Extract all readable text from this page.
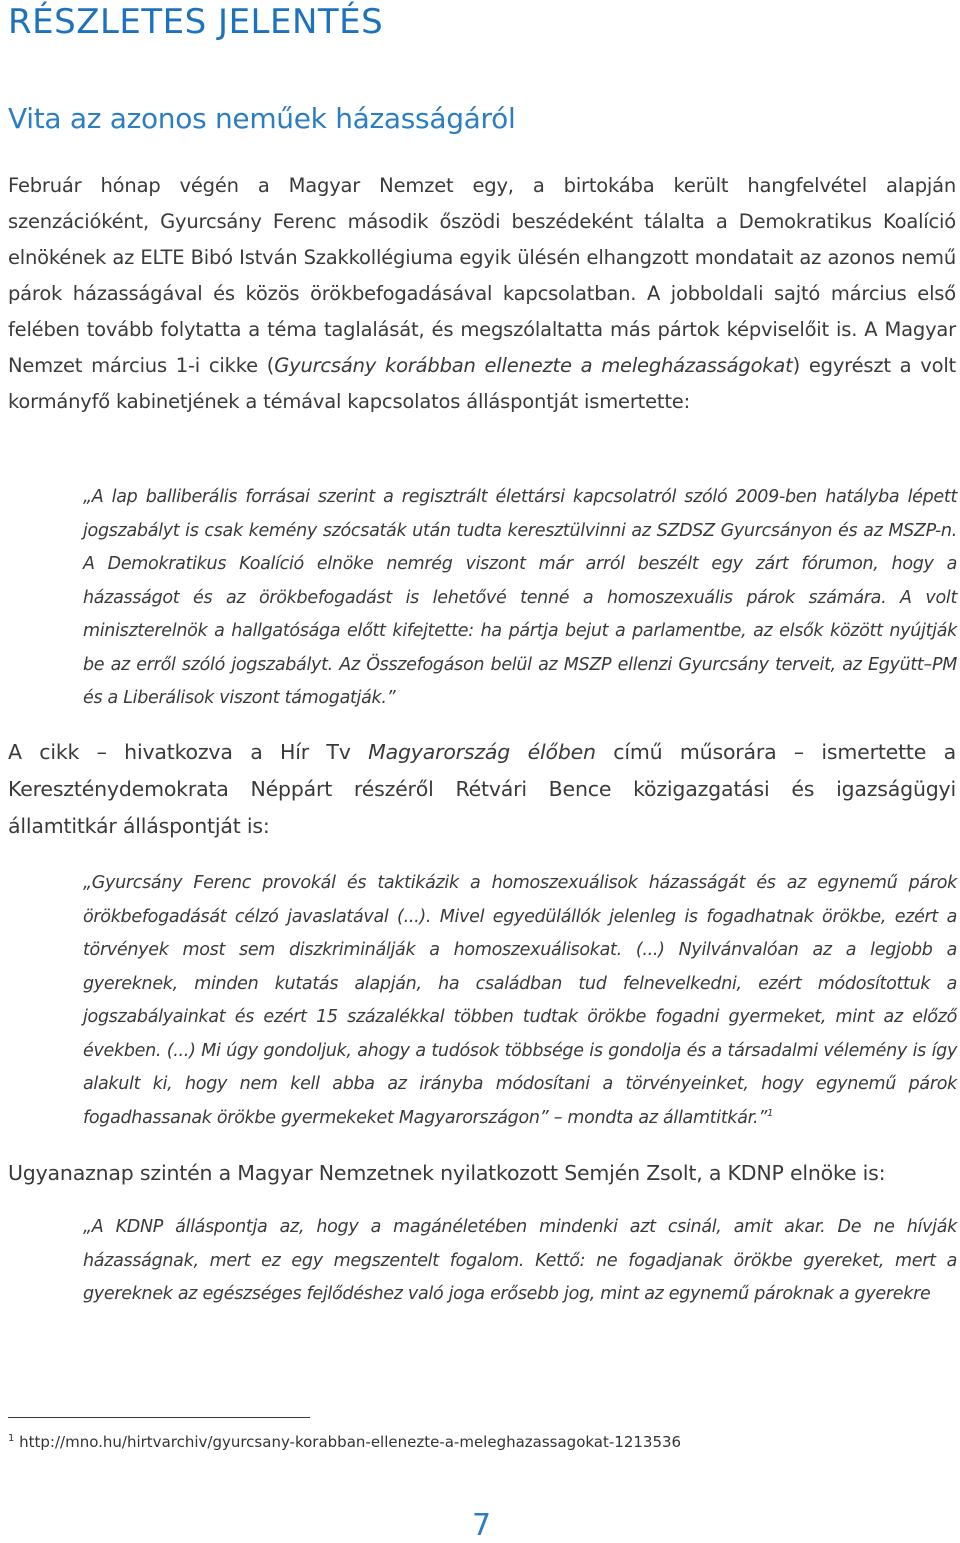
RÉSZLETES JELENTÉS
Vita az azonos neműek házasságáról
Február hónap végén a Magyar Nemzet egy, a birtokába került hangfelvétel alapján szenzációként, Gyurcsány Ferenc második őszödi beszédeként tálalta a Demokratikus Koalíció elnökének az ELTE Bibó István Szakkollégiuma egyik ülésén elhangzott mondatait az azonos nemű párok házasságával és közös örökbefogadásával kapcsolatban. A jobboldali sajtó március első felében tovább folytatta a téma taglalását, és megszólaltatta más pártok képviselőit is. A Magyar Nemzet március 1-i cikke (Gyurcsány korábban ellenezte a melegházasságokat) egyrészt a volt kormányfő kabinetjének a témával kapcsolatos álláspontját ismertette:
„A lap balliberális forrásai szerint a regisztrált élettársi kapcsolatról szóló 2009-ben hatályba lépett jogszabályt is csak kemény szócsaták után tudta keresztülvinni az SZDSZ Gyurcsányon és az MSZP-n. A Demokratikus Koalíció elnöke nemrég viszont már arról beszélt egy zárt fórumon, hogy a házasságot és az örökbefogadást is lehetővé tenné a homoszexuális párok számára. A volt miniszterelnök a hallgatósága előtt kifejtette: ha pártja bejut a parlamentbe, az elsők között nyújtják be az erről szóló jogszabályt. Az Összefogáson belül az MSZP ellenzi Gyurcsány terveit, az Együtt–PM és a Liberálisok viszont támogatják.”
A cikk – hivatkozva a Hír Tv Magyarország élőben című műsorára – ismertette a Kereszténydemokrata Néppárt részéről Rétvári Bence közigazgatási és igazságügyi államtitkár álláspontját is:
„Gyurcsány Ferenc provokál és taktikázik a homoszexuálisok házasságát és az egynemű párok örökbefogadását célzó javaslatával (...). Mivel egyedülállók jelenleg is fogadhatnak örökbe, ezért a törvények most sem diszkriminálják a homoszexuálisokat. (...) Nyilvánvalóan az a legjobb a gyereknek, minden kutatás alapján, ha családban tud felnevelkedni, ezért módosítottuk a jogszabályainkat és ezért 15 százalékkal többen tudtak örökbe fogadni gyermeket, mint az előző években. (...) Mi úgy gondoljuk, ahogy a tudósok többsége is gondolja és a társadalmi vélemény is így alakult ki, hogy nem kell abba az irányba módosítani a törvényeinket, hogy egynemű párok fogadhassanak örökbe gyermekeket Magyarországon” – mondta az államtitkár.”$^1$
Ugyanaznap szintén a Magyar Nemzetnek nyilatkozott Semjén Zsolt, a KDNP elnöke is:
„A KDNP álláspontja az, hogy a magánéletében mindenki azt csinál, amit akar. De ne hívják házasságnak, mert ez egy megszentelt fogalom. Kettő: ne fogadjanak örökbe gyereket, mert a gyereknek az egészséges fejlődéshez való joga erősebb jog, mint az egynemű pároknak a gyerekre
$^1$ http://mno.hu/hirtvarchiv/gyurcsany-korabban-ellenezte-a-meleghazassagokat-1213536
7
